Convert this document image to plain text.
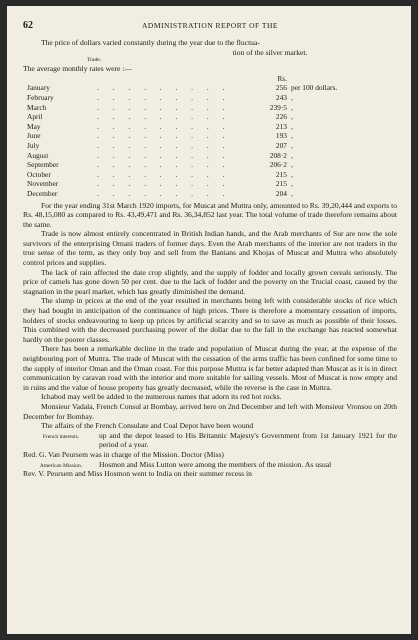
62	ADMINISTRATION REPORT OF THE

The price of dollars varied constantly during the year due to the fluctua-

tion of the silver market.

Trade.

The average monthly rates were :—

Rs.
January	. . . . . . . . .	256 per 100 dollars.
February	. . . . . . . . .	243 ,
March	. . . . . . . . .	239·5 ,
April	. . . . . . . . .	226 ,
May	. . . . . . . . .	213 ,
June	. . . . . . . . .	193 ,
July	. . . . . . . . .	207 ,
August	. . . . . . . . .	208·2 ,
September	. . . . . . . . .	206·2 ,
October	. . . . . . . . .	215 ,
November	. . . . . . . . .	215 ,
December	. . . . . . . . .	204 ,

For the year ending 31st March 1920 imports, for Muscat and Muttra only, amounted to Rs. 39,20,444 and exports to Rs. 48,15,080 as compared to Rs. 43,49,471 and Rs. 36,34,852 last year. The total volume of trade therefore remains about the same.

Trade is now almost entirely concentrated in British Indian hands, and the Arab merchants of Sur are now the sole survivors of the enterprising Omani traders of former days. Even the Arab merchants of the interior are not traders in the true sense of the term, as they only buy and sell from the Banians and Khojas of Muscat and Muttra who absolutely control prices and supplies.

The lack of rain affected the date crop slightly, and the supply of fodder and locally grown cereals seriously. The price of camels has gone down 50 per cent. due to the lack of fodder and the poverty on the Trucial coast, caused by the stagnation in the pearl market, which has greatly diminished the demand.

The slump in prices at the end of the year resulted in merchants being left with considerable stocks of rice which they had bought in anticipation of the continuance of high prices. There is therefore a momentary cessation of imports, holders of stocks endeavouring to keep up prices by artificial scarcity and so to save as much as possible of their losses. This combined with the decreased purchasing power of the dollar due to the fall in the exchange has reacted somewhat hardly on the poorer classes.

There has been a remarkable decline in the trade and population of Muscat during the year, at the expense of the neighbouring port of Muttra. The trade of Muscat with the cessation of the arms traffic has been confined for some time to the supply of interior Oman and the Oman coast. For this purpose Muttra is far better adapted than Muscat as it is in direct communication by caravan road with the interior and more suitable for sailing vessels. Most of Muscat is now empty and in ruins and the value of house property has greatly decreased, while the reverse is the case in Muttra.

Ichabod may well be added to the numerous names that adorn its red hot rocks.

Monsieur Vadala, French Consul at Bombay, arrived here on 2nd December and left with Monsieur Vronsou on 20th December for Bombay.

The affairs of the French Consulate and Coal Depot have been wound

French interests.	up and the depot leased to His Britannic Majesty's Government from 1st January 1921 for the period of a year.

Red. G. Van Peursem was in charge of the Mission. Doctor (Miss)

American Mission.	Hosmon and Miss Lutton were among the members of the mission. As usual

Rev. V. Peursem and Miss Hosmon went to India on their summer recess in
